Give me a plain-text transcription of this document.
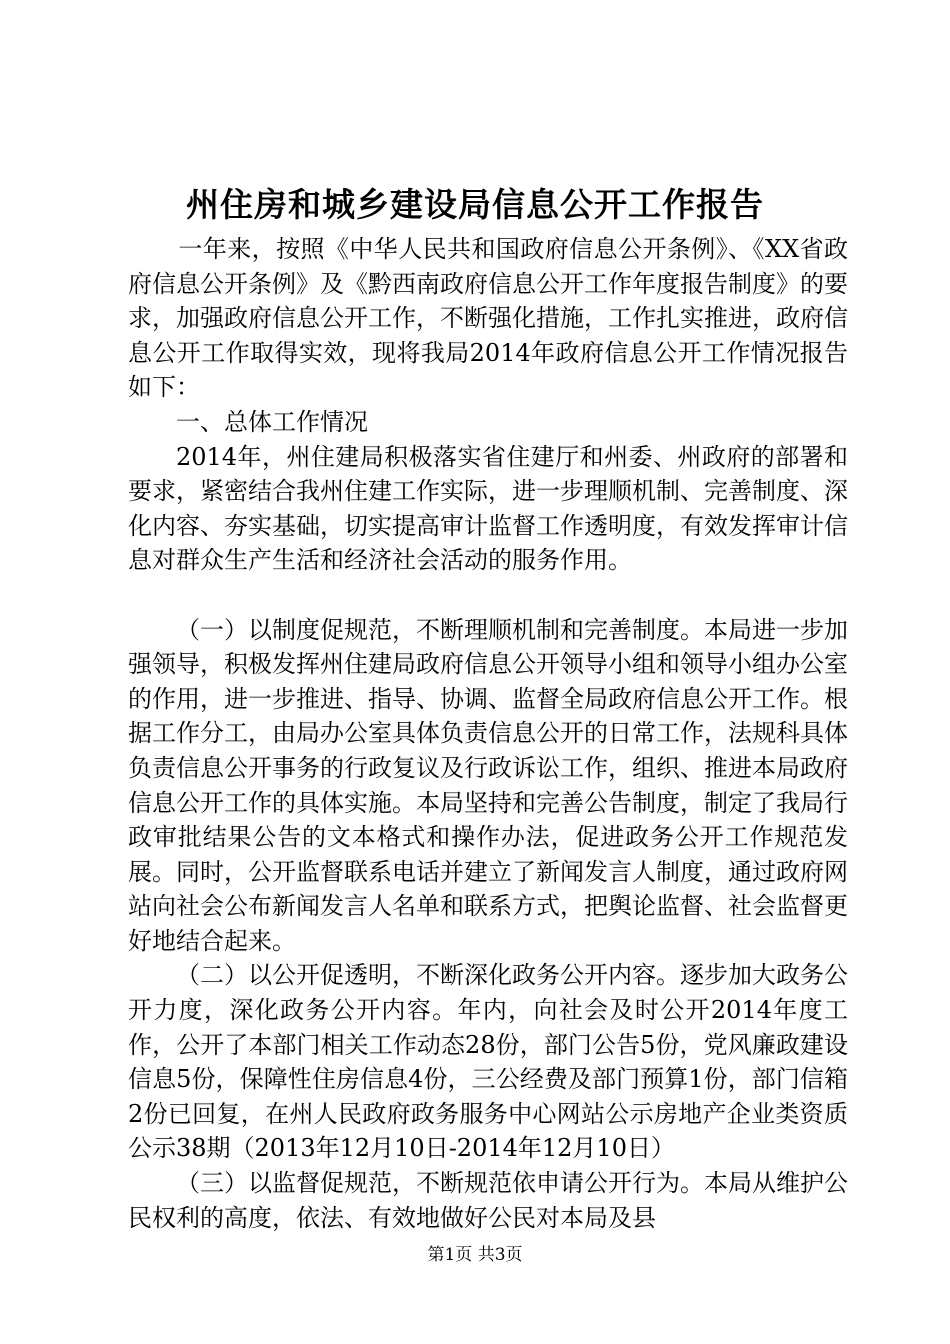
州住房和城乡建设局信息公开工作报告

一年来，按照《中华人民共和国政府信息公开条例》、《XX省政府信息公开条例》及《黔西南政府信息公开工作年度报告制度》的要求，加强政府信息公开工作，不断强化措施，工作扎实推进，政府信息公开工作取得实效，现将我局2014年政府信息公开工作情况报告如下：

一、总体工作情况

2014年，州住建局积极落实省住建厅和州委、州政府的部署和要求，紧密结合我州住建工作实际，进一步理顺机制、完善制度、深化内容、夯实基础，切实提高审计监督工作透明度，有效发挥审计信息对群众生产生活和经济社会活动的服务作用。

（一）以制度促规范，不断理顺机制和完善制度。本局进一步加强领导，积极发挥州住建局政府信息公开领导小组和领导小组办公室的作用，进一步推进、指导、协调、监督全局政府信息公开工作。根据工作分工，由局办公室具体负责信息公开的日常工作，法规科具体负责信息公开事务的行政复议及行政诉讼工作，组织、推进本局政府信息公开工作的具体实施。本局坚持和完善公告制度，制定了我局行政审批结果公告的文本格式和操作办法，促进政务公开工作规范发展。同时，公开监督联系电话并建立了新闻发言人制度，通过政府网站向社会公布新闻发言人名单和联系方式，把舆论监督、社会监督更好地结合起来。

（二）以公开促透明，不断深化政务公开内容。逐步加大政务公开力度，深化政务公开内容。年内，向社会及时公开2014年度工作，公开了本部门相关工作动态28份，部门公告5份，党风廉政建设信息5份，保障性住房信息4份，三公经费及部门预算1份，部门信箱2份已回复，在州人民政府政务服务中心网站公示房地产企业类资质公示38期（2013年12月10日-2014年12月10日）

（三）以监督促规范，不断规范依申请公开行为。本局从维护公民权利的高度，依法、有效地做好公民对本局及县

第1页 共3页
